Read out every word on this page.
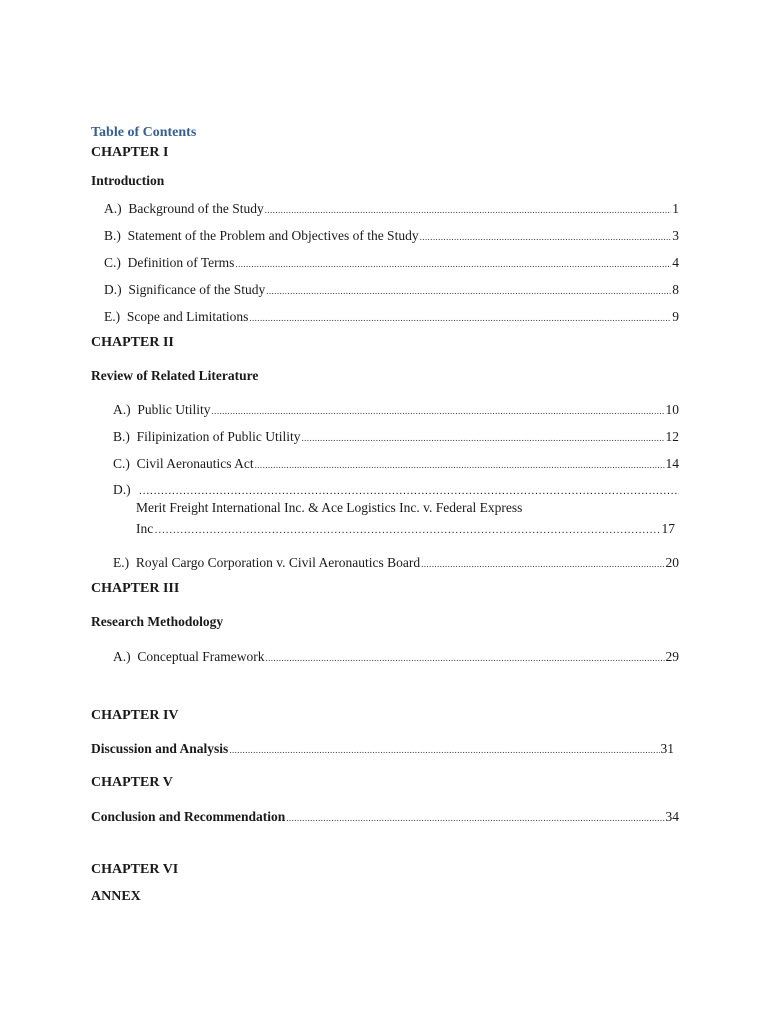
Table of Contents
CHAPTER I
Introduction
A.) Background of the Study .....	1
B.) Statement of the Problem and Objectives of the Study .....	3
C.) Definition of Terms .....	4
D.) Significance of the Study .....	8
E.) Scope and Limitations .....	9
CHAPTER II
Review of Related Literature
A.) Public Utility .....	10
B.) Filipinization of Public Utility .....	12
C.) Civil Aeronautics Act .....	14
D.)
……………………………………………………………………………………………………………………………………………………
Merit Freight International Inc. & Ace Logistics Inc. v. Federal Express
Inc ……………………………………………………………………………………………………………………………………………………	17
E.) Royal Cargo Corporation v. Civil Aeronautics Board .....	20
CHAPTER III
Research Methodology
A.) Conceptual Framework .....	29
CHAPTER IV
Discussion and Analysis .....	31
CHAPTER V
Conclusion and Recommendation .....	34
CHAPTER VI
ANNEX
